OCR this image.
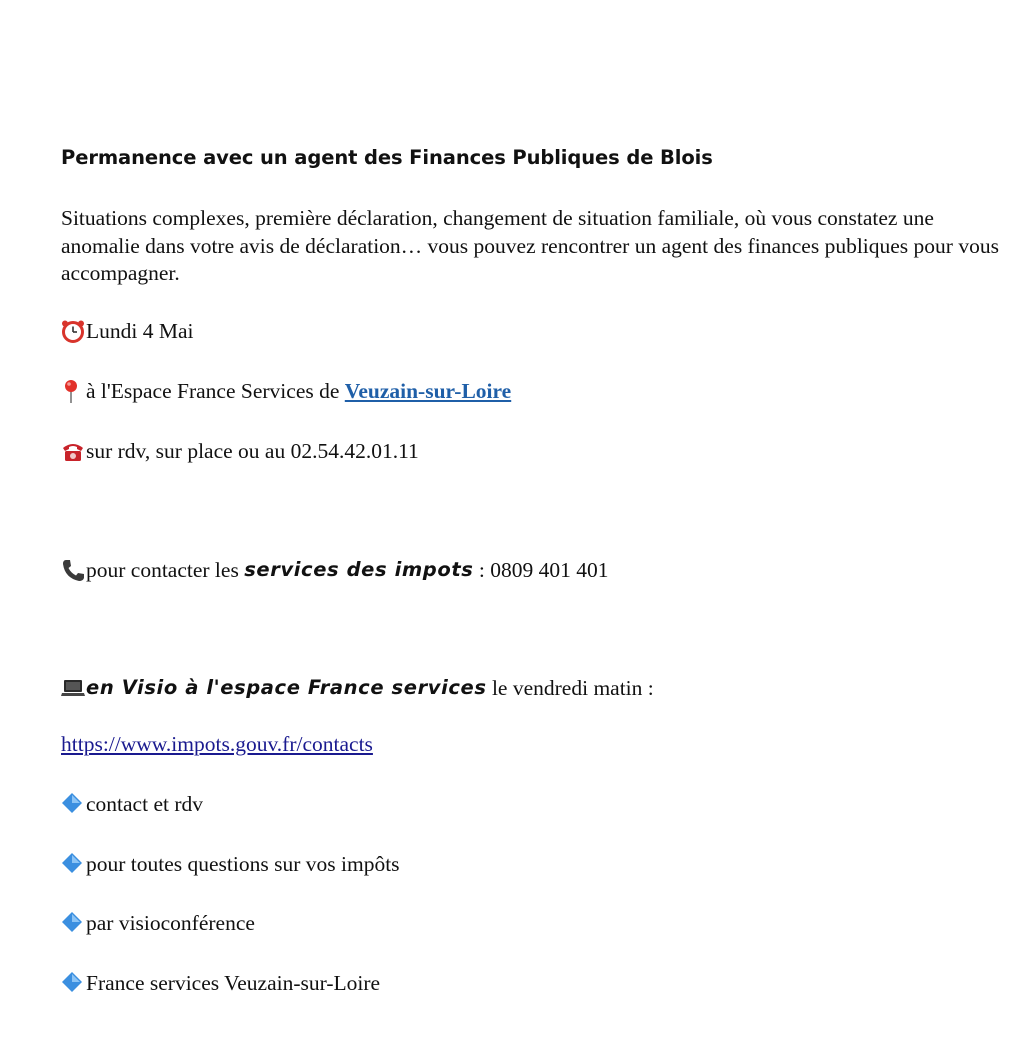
Permanence avec un agent des Finances Publiques de Blois
Situations complexes, première déclaration, changement de situation familiale, où vous constatez une anomalie dans votre avis de déclaration… vous pouvez rencontrer un agent des finances publiques pour vous accompagner.
Lundi 4 Mai
à l'Espace France Services de Veuzain-sur-Loire
sur rdv, sur place ou au 02.54.42.01.11
pour contacter les services des impots : 0809 401 401
en Visio à l'espace France services le vendredi matin :
https://www.impots.gouv.fr/contacts
contact et rdv
pour toutes questions sur vos impôts
par visioconférence
France services Veuzain-sur-Loire
